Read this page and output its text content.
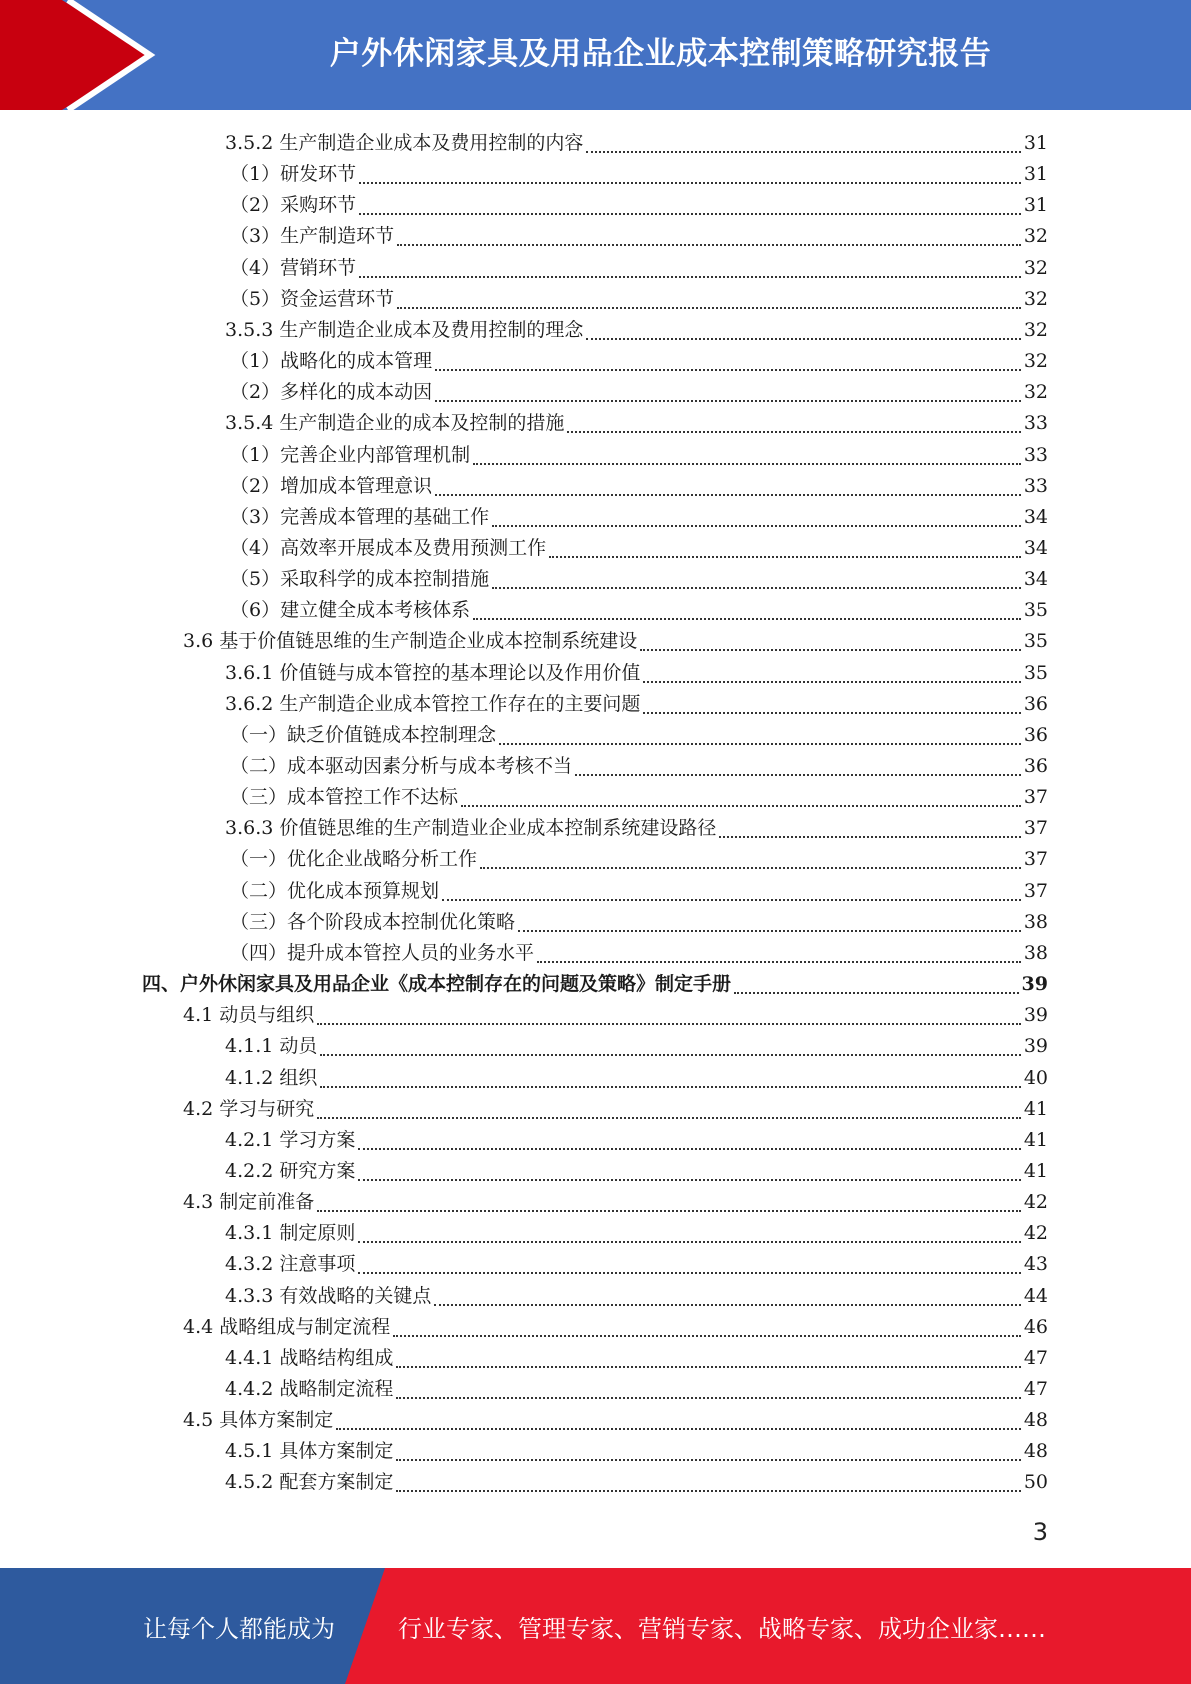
户外休闲家具及用品企业成本控制策略研究报告
3.5.2 生产制造企业成本及费用控制的内容	31
（1）研发环节	31
（2）采购环节	31
（3）生产制造环节	32
（4）营销环节	32
（5）资金运营环节	32
3.5.3 生产制造企业成本及费用控制的理念	32
（1）战略化的成本管理	32
（2）多样化的成本动因	32
3.5.4 生产制造企业的成本及控制的措施	33
（1）完善企业内部管理机制	33
（2）增加成本管理意识	33
（3）完善成本管理的基础工作	34
（4）高效率开展成本及费用预测工作	34
（5）采取科学的成本控制措施	34
（6）建立健全成本考核体系	35
3.6 基于价值链思维的生产制造企业成本控制系统建设	35
3.6.1 价值链与成本管控的基本理论以及作用价值	35
3.6.2 生产制造企业成本管控工作存在的主要问题	36
（一）缺乏价值链成本控制理念	36
（二）成本驱动因素分析与成本考核不当	36
（三）成本管控工作不达标	37
3.6.3 价值链思维的生产制造业企业成本控制系统建设路径	37
（一）优化企业战略分析工作	37
（二）优化成本预算规划	37
（三）各个阶段成本控制优化策略	38
（四）提升成本管控人员的业务水平	38
四、户外休闲家具及用品企业《成本控制存在的问题及策略》制定手册	39
4.1 动员与组织	39
4.1.1 动员	39
4.1.2 组织	40
4.2 学习与研究	41
4.2.1 学习方案	41
4.2.2 研究方案	41
4.3 制定前准备	42
4.3.1 制定原则	42
4.3.2 注意事项	43
4.3.3 有效战略的关键点	44
4.4 战略组成与制定流程	46
4.4.1 战略结构组成	47
4.4.2 战略制定流程	47
4.5 具体方案制定	48
4.5.1 具体方案制定	48
4.5.2 配套方案制定	50
3
让每个人都能成为	行业专家、管理专家、营销专家、战略专家、成功企业家……
